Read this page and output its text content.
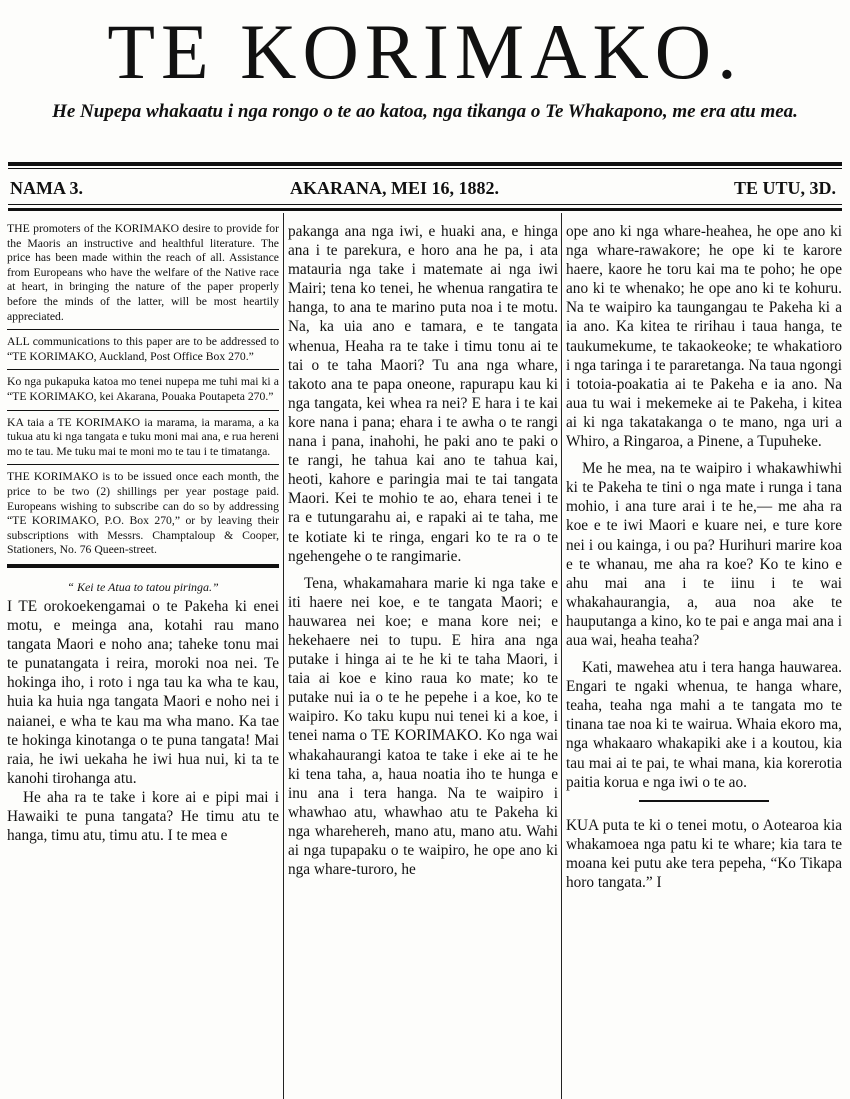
TE KORIMAKO.
He Nupepa whakaatu i nga rongo o te ao katoa, nga tikanga o Te Whakapono, me era atu mea.
NAMA 3.	AKARANA, MEI 16, 1882.	TE UTU, 3D.

THE promoters of the KORIMAKO desire to provide for the Maoris an instructive and healthful literature. The price has been made within the reach of all. Assistance from Europeans who have the welfare of the Native race at heart, in bringing the nature of the paper properly before the minds of the latter, will be most heartily appreciated.

ALL communications to this paper are to be addressed to “TE KORIMAKO, Auckland, Post Office Box 270.”

Ko nga pukapuka katoa mo tenei nupepa me tuhi mai ki a “TE KORIMAKO, kei Akarana, Pouaka Poutapeta 270.”

KA taia a TE KORIMAKO ia marama, ia marama, a ka tukua atu ki nga tangata e tuku moni mai ana, e rua hereni mo te tau. Me tuku mai te moni mo te tau i te timatanga.

THE KORIMAKO is to be issued once each month, the price to be two (2) shillings per year postage paid. Europeans wishing to subscribe can do so by addressing “TE KORIMAKO, P.O. Box 270,” or by leaving their subscriptions with Messrs. Champtaloup & Cooper, Stationers, No. 76 Queen-street.

“ Kei te Atua to tatou piringa.”

I TE orokoekengamai o te Pakeha ki enei motu, e meinga ana, kotahi rau mano tangata Maori e noho ana; taheke tonu mai te punatangata i reira, moroki noa nei. Te hokinga iho, i roto i nga tau ka wha te kau, huia ka huia nga tangata Maori e noho nei i naianei, e wha te kau ma wha mano. Ka tae te hokinga kinotanga o te puna tangata! Mai raia, he iwi uekaha he iwi hua nui, ki ta te kanohi tirohanga atu.

He aha ra te take i kore ai e pipi mai i Hawaiki te puna tangata? He timu atu te hanga, timu atu, timu atu. I te mea e

pakanga ana nga iwi, e huaki ana, e hinga ana i te parekura, e horo ana he pa, i ata matauria nga take i matemate ai nga iwi Mairi; tena ko tenei, he whenua rangatira te hanga, to ana te marino puta noa i te motu. Na, ka uia ano e tamara, e te tangata whenua, Heaha ra te take i timu tonu ai te tai o te taha Maori? Tu ana nga whare, takoto ana te papa oneone, rapurapu kau ki nga tangata, kei whea ra nei? E hara i te kai kore nana i pana; ehara i te awha o te rangi nana i pana, inahohi, he paki ano te paki o te rangi, he tahua kai ano te tahua kai, heoti, kahore e paringia mai te tai tangata Maori. Kei te mohio te ao, ehara tenei i te ra e tutungarahu ai, e rapaki ai te taha, me te kotiate ki te ringa, engari ko te ra o te ngehengehe o te rangimarie.

Tena, whakamahara marie ki nga take e iti haere nei koe, e te tangata Maori; e hauwarea nei koe; e mana kore nei; e hekehaere nei to tupu. E hira ana nga putake i hinga ai te he ki te taha Maori, i taia ai koe e kino raua ko mate; ko te putake nui ia o te he pepehe i a koe, ko te waipiro. Ko taku kupu nui tenei ki a koe, i tenei nama o TE KORIMAKO. Ko nga wai whakahaurangi katoa te take i eke ai te he ki tena taha, a, haua noatia iho te hunga e inu ana i tera hanga. Na te waipiro i whawhao atu, whawhao atu te Pakeha ki nga wharehereh, mano atu, mano atu. Wahi ai nga tupapaku o te waipiro, he ope ano ki nga whare-turoro, he

ope ano ki nga whare-heahea, he ope ano ki nga whare-rawakore; he ope ki te karore haere, kaore he toru kai ma te poho; he ope ano ki te whenako; he ope ano ki te kohuru. Na te waipiro ka taungangau te Pakeha ki a ia ano. Ka kitea te ririhau i taua hanga, te taukumekume, te takaokeoke; te whakatioro i nga taringa i te pararetanga. Na taua ngongi i totoia-poakatia ai te Pakeha e ia ano. Na aua tu wai i mekemeke ai te Pakeha, i kitea ai ki nga takatakanga o te mano, nga uri a Whiro, a Ringaroa, a Pinene, a Tupuheke.

Me he mea, na te waipiro i whakawhiwhi ki te Pakeha te tini o nga mate i runga i tana mohio, i ana ture arai i te he,— me aha ra koe e te iwi Maori e kuare nei, e ture kore nei i ou kainga, i ou pa? Hurihuri marire koa e te whanau, me aha ra koe? Ko te kino e ahu mai ana i te iinu i te wai whakahaurangia, a, aua noa ake te hauputanga a kino, ko te pai e anga mai ana i aua wai, heaha teaha?

Kati, mawehea atu i tera hanga hauwarea. Engari te ngaki whenua, te hanga whare, teaha, teaha nga mahi a te tangata mo te tinana tae noa ki te wairua. Whaia ekoro ma, nga whakaaro whakapiki ake i a koutou, kia tau mai ai te pai, te whai mana, kia korerotia paitia korua e nga iwi o te ao.

KUA puta te ki o tenei motu, o Aotearoa kia whakamoea nga patu ki te whare; kia tara te moana kei putu ake tera pepeha, “Ko Tikapa horo tangata.” I
